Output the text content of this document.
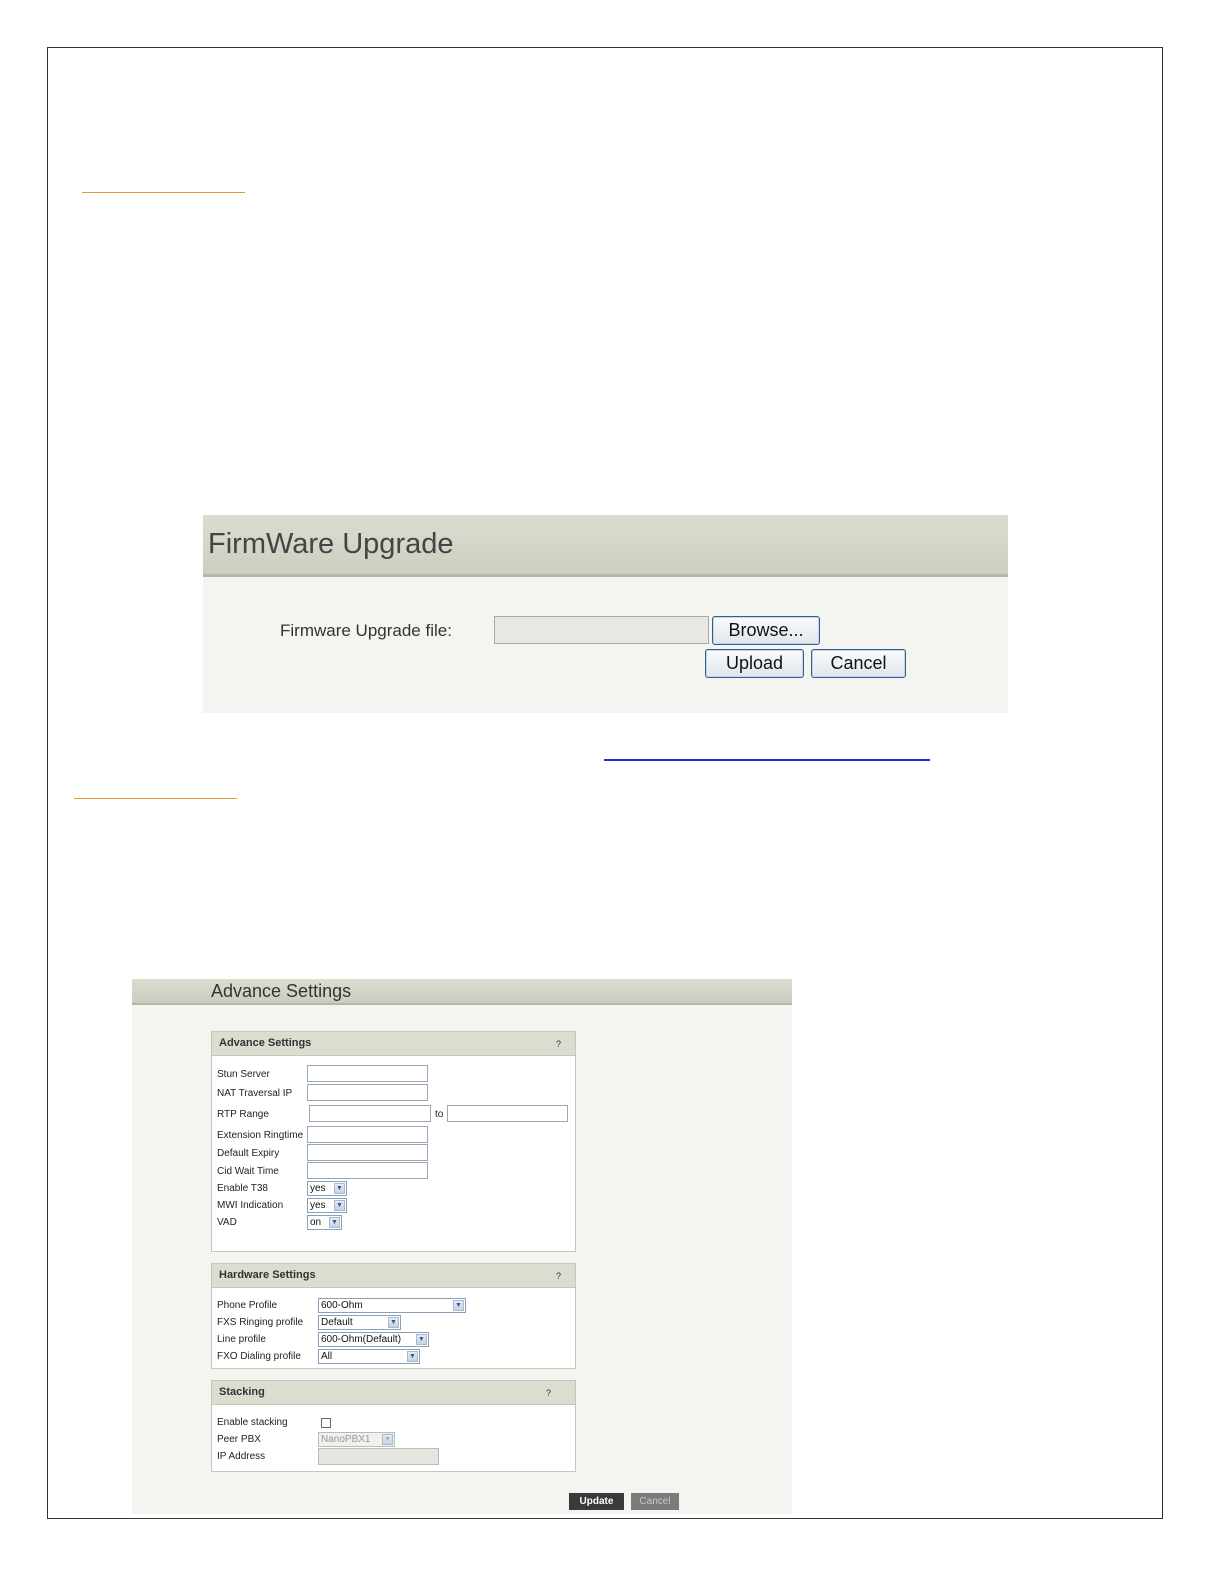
FirmWare Upgrade
Firmware Upgrade file:	Browse...
Upload	Cancel
Advance Settings
Advance Settings	?
Stun Server
NAT Traversal IP
RTP Range	to
Extension Ringtime
Default Expiry
Cid Wait Time
Enable T38	yes ▼
MWI Indication	yes ▼
VAD	on ▼
Hardware Settings	?
Phone Profile	600-Ohm	▼
FXS Ringing profile	Default	▼
Line profile	600-Ohm(Default) ▼
FXO Dialing profile	All	▼
Stacking	?
Enable stacking
Peer PBX	NanoPBX1 ▼
IP Address
Update	Cancel
